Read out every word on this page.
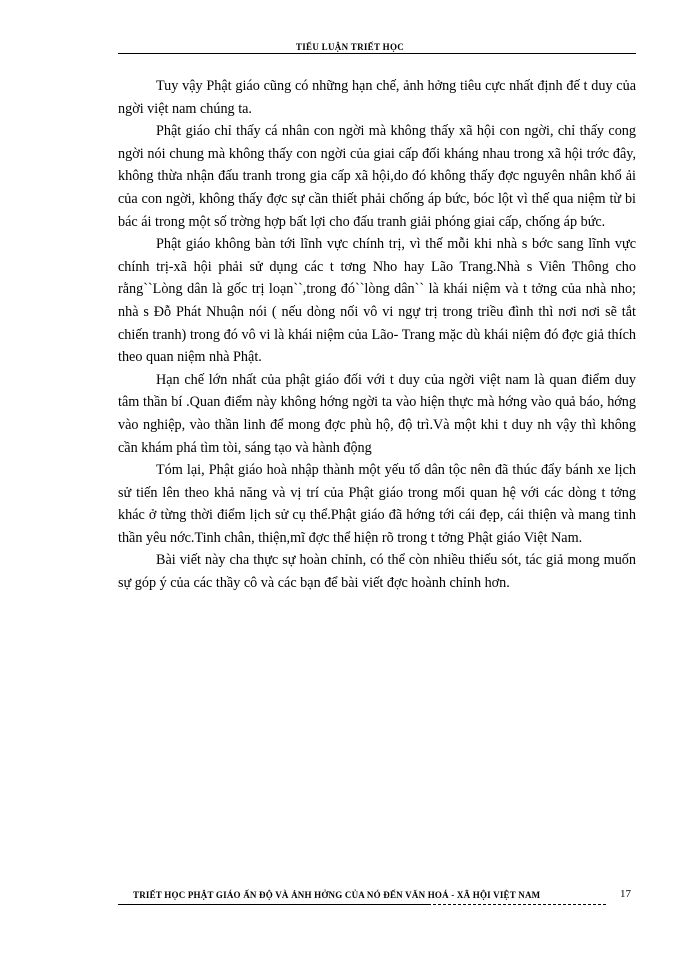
TIỂU LUẬN TRIẾT HỌC

Tuy vậy Phật giáo cũng có những hạn chế, ảnh hởng tiêu cực nhất định đế t duy của ngời việt nam chúng ta.

Phật giáo chỉ thấy cá nhân con ngời mà không thấy xã hội con ngời, chỉ thấy cong ngời nói chung mà không thấy con ngời của giai cấp đối kháng nhau trong xã hội trớc đây, không thừa nhận đấu tranh trong gia cấp xã hội,do đó không thấy đợc nguyên nhân khổ ải của con ngời, không thấy đợc sự cần thiết phải chống áp bức, bóc lột vì thế qua niệm từ bi bác ái trong một số trờng hợp bất lợi cho đấu tranh giải phóng giai cấp, chống áp bức.

Phật giáo không bàn tới lĩnh vực chính trị, vì thế mỗi khi nhà s bớc sang lĩnh vực chính trị-xã hội phải sử dụng các t tơng Nho hay Lão Trang.Nhà s Viên Thông cho rằng``Lòng dân là gốc trị loạn``,trong đó``lòng dân`` là khái niệm và t tởng của nhà nho; nhà s Đỗ Phát Nhuận nói ( nếu dòng nối vô vi ngự trị trong triều đình thì nơi nơi sẽ tắt chiến tranh) trong đó vô vi là khái niệm của Lão- Trang mặc dù khái niệm đó đợc giả thích theo quan niệm nhà Phật.

Hạn chế lớn nhất của phật giáo đối với t duy của ngời việt nam là quan điểm duy tâm thần bí .Quan điểm này không hớng ngời ta vào hiện thực mà hớng vào quả báo, hớng vào nghiệp, vào thần linh để mong đợc phù hộ, độ trì.Và một khi t duy nh vậy thì không cần khám phá tìm tòi, sáng tạo và hành động

Tóm lại, Phật giáo hoà nhập thành một yếu tố dân tộc nên đã thúc đẩy bánh xe lịch sử tiến lên theo khả năng và vị trí của Phật giáo trong mối quan hệ với các dòng t tởng khác ở từng thời điểm lịch sử cụ thể.Phật giáo đã hớng tới cái đẹp, cái thiện và mang tinh thần yêu nớc.Tinh chân, thiện,mĩ đợc thể hiện rõ trong t tởng Phật giáo Việt Nam.

Bài viết này cha thực sự hoàn chỉnh, có thể còn nhiều thiếu sót, tác giả mong muốn sự góp ý của các thầy cô và các bạn để bài viết đợc hoành chỉnh hơn.

TRIẾT HỌC PHẬT GIÁO ẤN ĐỘ VÀ ẢNH HỞNG CỦA NÓ ĐẾN VĂN HOÁ - XÃ HỘI VIỆT NAM	17
